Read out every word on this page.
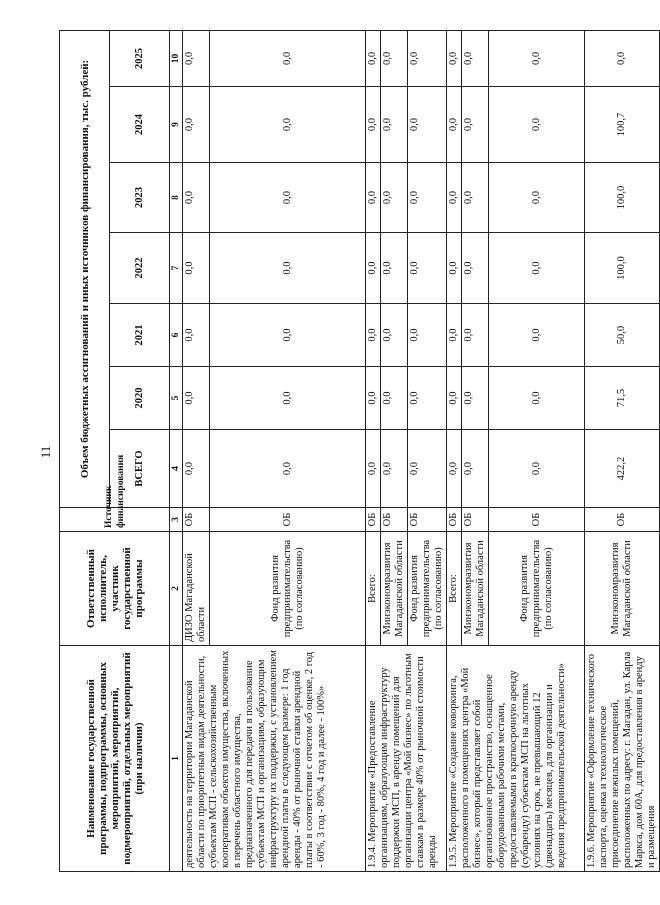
11
Наименование государственной программы, подпрограммы, основных мероприятий, мероприятий, подмероприятий, отдельных мероприятий (при наличии)	Ответственный исполнитель, участник государственной программы	Источник финансирования	Объем бюджетных ассигнований и иных источников финансирования, тыс. рублей:						
			ВСЕГО	2020	2021	2022	2023	2024	2025
1	2	3	4	5	6	7	8	9	10
деятельность на территории Магаданской области по приоритетным видам деятельности, субъектам МСП - сельскохозяйственным кооперативам объектов имущества, включенных в перечень областного имущества, предназначенного для передачи в пользование субъектам МСП и организациям, образующим инфраструктуру их поддержки, с установлением арендной платы в следующем размере: 1 год аренды - 40% от рыночной ставки арендной платы в соответствии с отчетом об оценке, 2 год - 60%, 3 год - 80%, 4 год и далее - 100%»	ДИЗО Магаданской области	ОБ	0,0	0,0	0,0	0,0	0,0	0,0	0,0
	Фонд развития предпринимательства (по согласованию)	ОБ	0,0	0,0	0,0	0,0	0,0	0,0	0,0
1.9.4. Мероприятие «Предоставление организациям, образующим инфраструктуру поддержки МСП, в аренду помещений для организации центра «Мой бизнес» по льготным ставкам в размере 40% от рыночной стоимости аренды	Всего:	ОБ	0,0	0,0	0,0	0,0	0,0	0,0	0,0
	Минэкономразвития Магаданской области	ОБ	0,0	0,0	0,0	0,0	0,0	0,0	0,0
	Фонд развития предпринимательства (по согласованию)	ОБ	0,0	0,0	0,0	0,0	0,0	0,0	0,0
1.9.5. Мероприятие «Создание коворкинга, расположенного в помещениях центра «Мой бизнес», который представляет собой организованное пространство, оснащенное оборудованными рабочими местами, предоставляемыми в краткосрочную аренду (субаренду) субъектам МСП на льготных условиях на срок, не превышающий 12 (двенадцать) месяцев, для организации и ведения предпринимательской деятельности»	Всего:	ОБ	0,0	0,0	0,0	0,0	0,0	0,0	0,0
	Минэкономразвития Магаданской области	ОБ	0,0	0,0	0,0	0,0	0,0	0,0	0,0
	Фонд развития предпринимательства (по согласованию)	ОБ	0,0	0,0	0,0	0,0	0,0	0,0	0,0
1.9.6. Мероприятие «Оформление технического паспорта, оценка и технологическое присоединение нежилых помещений, расположенных по адресу: г. Магадан, ул. Карла Маркса, дом 60А, для предоставления в аренду и размещения	Минэкономразвития Магаданской области	ОБ	422,2	71,5	50,0	100,0	100,0	100,7	0,0
